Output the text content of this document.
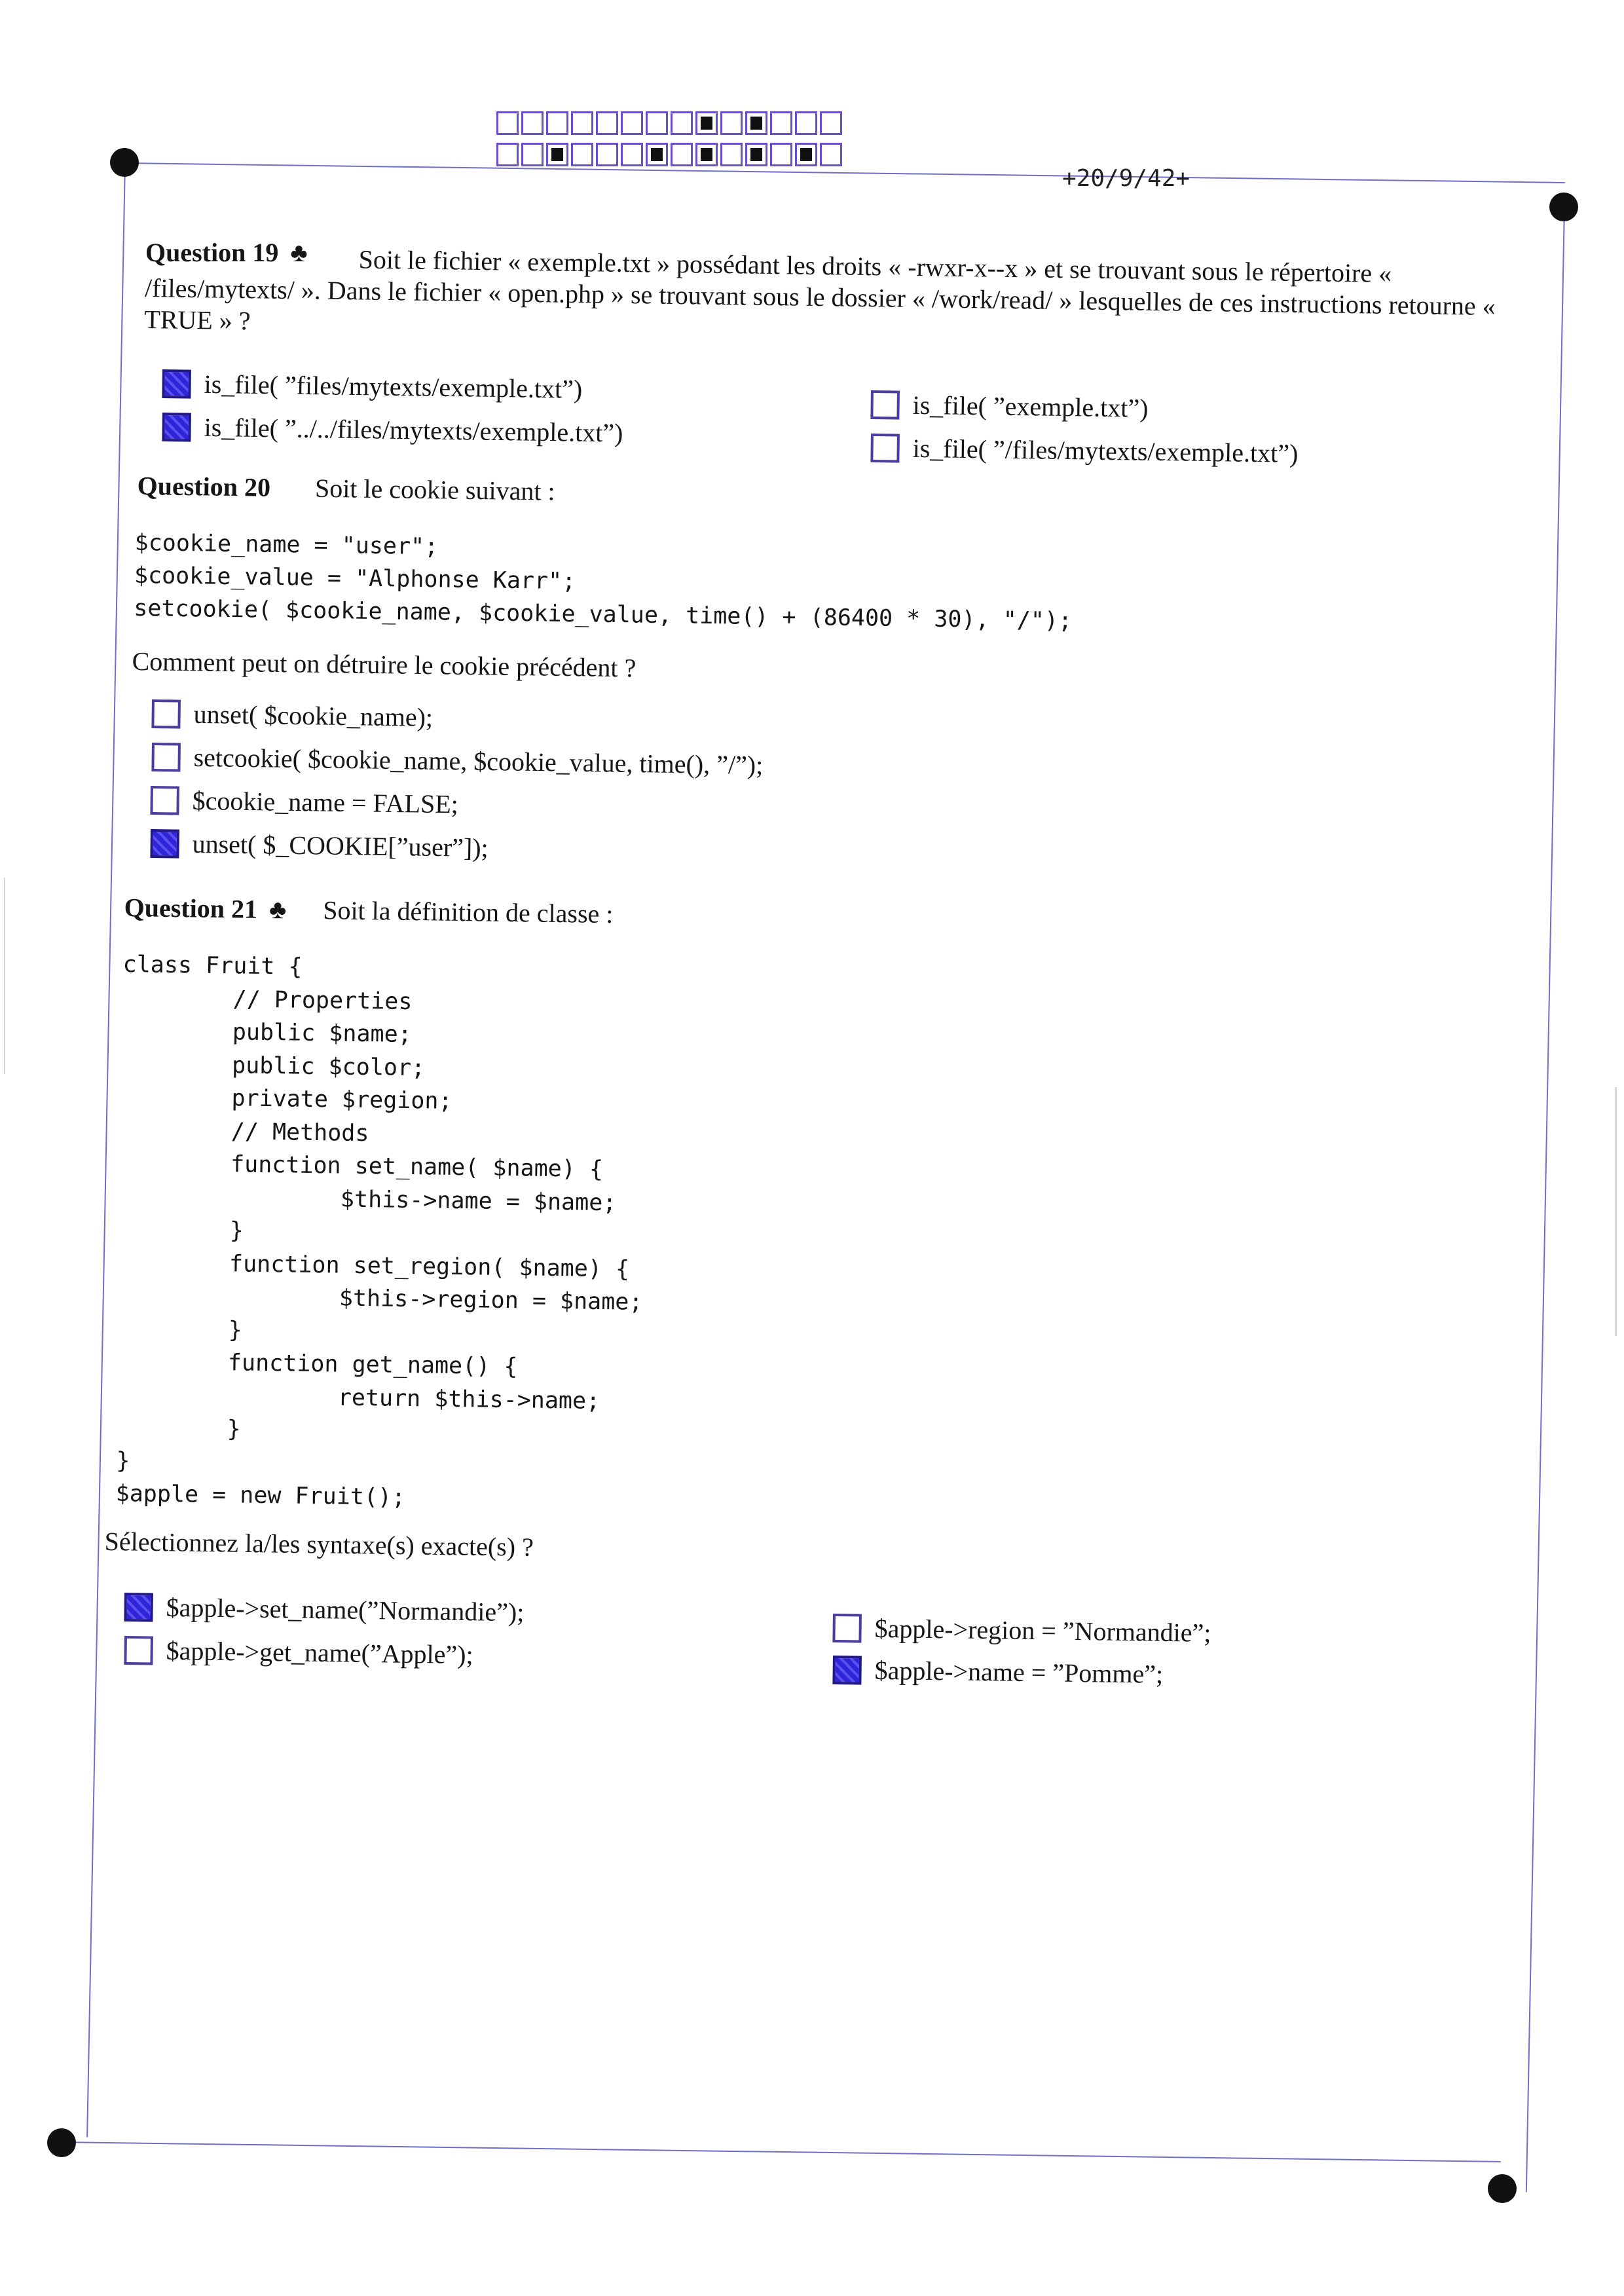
+20/9/42+
Question 19 ♣	Soit le fichier « exemple.txt » possédant les droits « -rwxr-x--x » et se trouvant sous le répertoire « /files/mytexts/ ». Dans le fichier « open.php » se trouvant sous le dossier « /work/read/ » lesquelles de ces instructions retourne « TRUE » ?
is_file( ”files/mytexts/exemple.txt”)
is_file( ”../../files/mytexts/exemple.txt”)
is_file( ”exemple.txt”)
is_file( ”/files/mytexts/exemple.txt”)
Question 20 Soit le cookie suivant :
$cookie_name = "user";
$cookie_value = "Alphonse Karr";
setcookie( $cookie_name, $cookie_value, time() + (86400 * 30), "/");
Comment peut on détruire le cookie précédent ?
unset( $cookie_name);
setcookie( $cookie_name, $cookie_value, time(), ”/”);
$cookie_name = FALSE;
unset( $_COOKIE[”user”]);
Question 21 ♣ Soit la définition de classe :
class Fruit {
// Properties
public $name;
public $color;
private $region;
// Methods
function set_name( $name) {
$this->name = $name;
}
function set_region( $name) {
$this->region = $name;
}
function get_name() {
return $this->name;
}
}
$apple = new Fruit();
Sélectionnez la/les syntaxe(s) exacte(s) ?
$apple->set_name(”Normandie”);
$apple->get_name(”Apple”);
$apple->region = ”Normandie”;
$apple->name = ”Pomme”;
